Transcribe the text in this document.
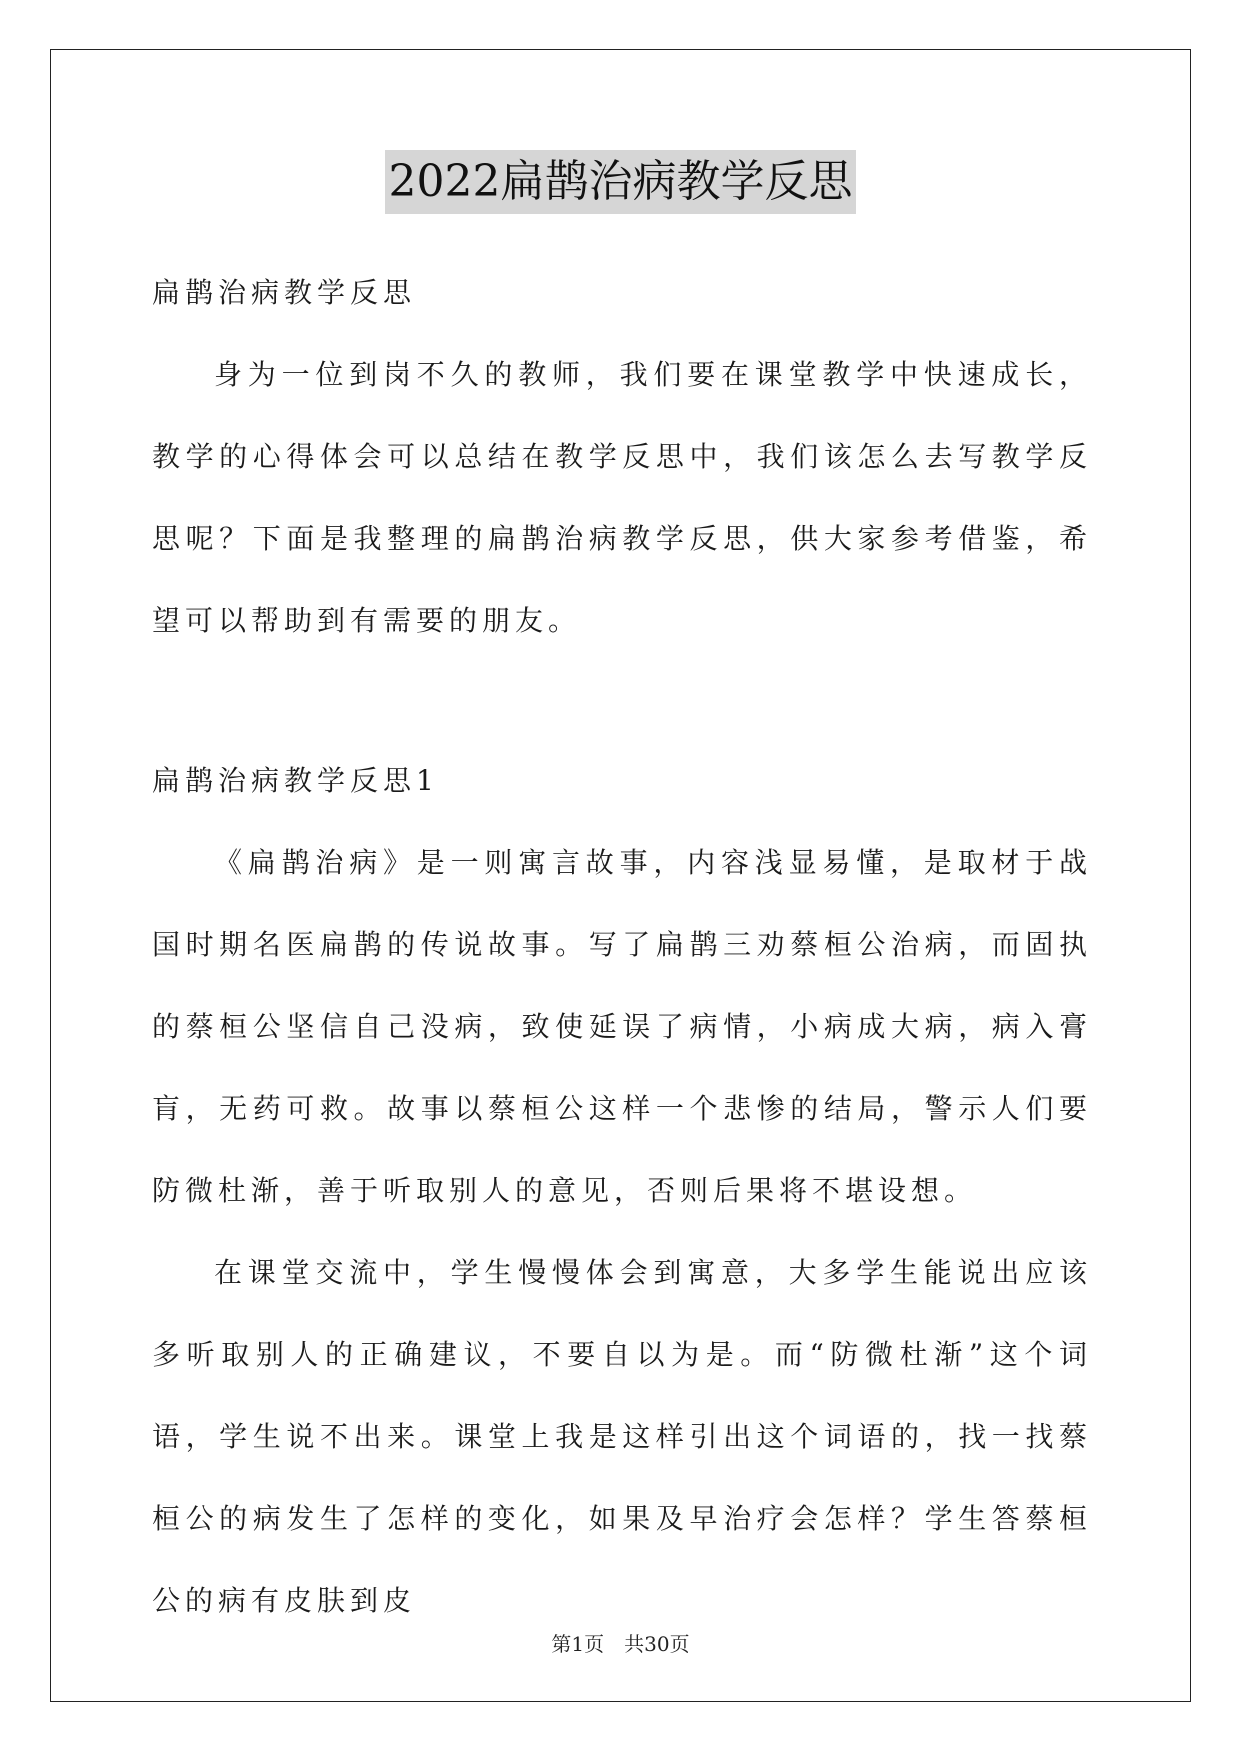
2022扁鹊治病教学反思

扁鹊治病教学反思

身为一位到岗不久的教师，我们要在课堂教学中快速成长，教学的心得体会可以总结在教学反思中，我们该怎么去写教学反思呢？下面是我整理的扁鹊治病教学反思，供大家参考借鉴，希望可以帮助到有需要的朋友。

扁鹊治病教学反思1

《扁鹊治病》是一则寓言故事，内容浅显易懂，是取材于战国时期名医扁鹊的传说故事。写了扁鹊三劝蔡桓公治病，而固执的蔡桓公坚信自己没病，致使延误了病情，小病成大病，病入膏肓，无药可救。故事以蔡桓公这样一个悲惨的结局，警示人们要防微杜渐，善于听取别人的意见，否则后果将不堪设想。

在课堂交流中，学生慢慢体会到寓意，大多学生能说出应该多听取别人的正确建议，不要自以为是。而“防微杜渐”这个词语，学生说不出来。课堂上我是这样引出这个词语的，找一找蔡桓公的病发生了怎样的变化，如果及早治疗会怎样？学生答蔡桓公的病有皮肤到皮

第1页 共30页
